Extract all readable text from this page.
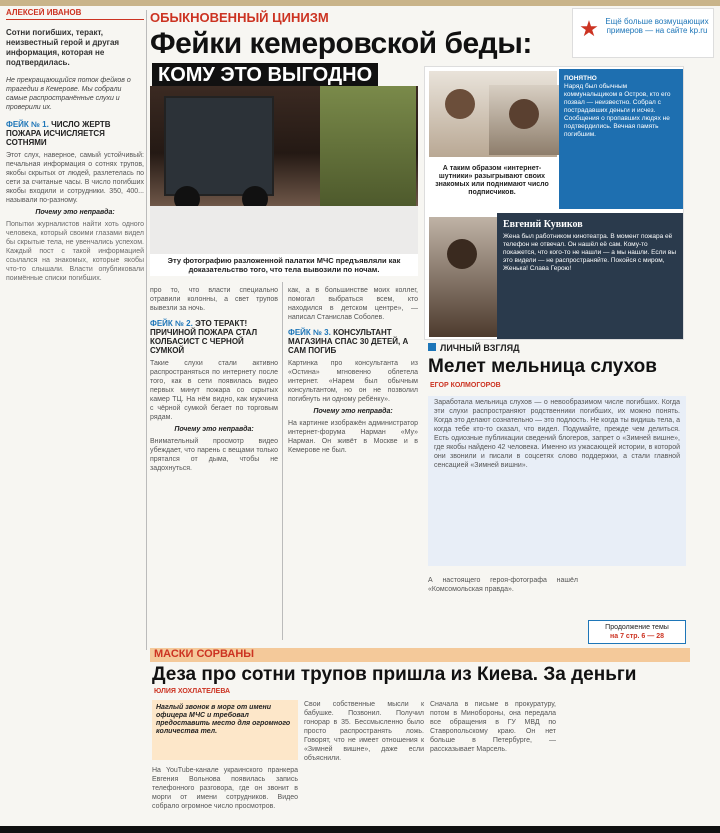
АЛЕКСЕЙ ИВАНОВ
Сотни погибших, теракт, неизвестный герой и другая информация, которая не подтвердилась.
Не прекращающийся поток фейков о трагедии в Кемерове. Мы собрали самые распространённые слухи и проверили их.
ФЕЙК № 1. ЧИСЛО ЖЕРТВ ПОЖАРА ИСЧИСЛЯЕТСЯ СОТНЯМИ
Этот слух, наверное, самый устойчивый: печальная информация о сотнях трупов, якобы скрытых от людей, разлетелась по сети за считаные часы. В число погибших якобы входили и сотрудники. 350, 400... называли по-разному.
Почему это неправда:
Попытки журналистов найти хоть одного человека, который своими глазами видел бы скрытые тела, не увенчались успехом. Каждый пост с такой информацией ссылался на знакомых, которые якобы что-то слышали. Власти опубликовали поимённые списки погибших.
ОБЫКНОВЕННЫЙ ЦИНИЗМ
Фейки кемеровской беды:
КОМУ ЭТО ВЫГОДНО
★ Ещё больше возмущающих примеров — на сайте kp.ru
Эту фотографию разложенной палатки МЧС предъявляли как доказательство того, что тела вывозили по ночам.
А таким образом «интернет-шутники» разыгрывают своих знакомых или поднимают число подписчиков.
ПОНЯТНО
Наряд был обычным коммунальщиком в Остров, кто его позвал — неизвестно. Собрал с пострадавших деньги и исчез. Сообщения о пропавших людях не подтвердились. Вечная память погибшим.
Евгений Кувиков
Жена был работником кинотеатра. В момент пожара её телефон не отвечал. Он нашёл её сам. Кому-то покажется, что кого-то не нашли — а мы нашли. Если вы это видели — не распространяйте. Покойся с миром, Женька! Слава Герою!
про то, что власти специально отравили колонны, а свет трупов вывезли за ночь.
ФЕЙК № 2. ЭТО ТЕРАКТ! ПРИЧИНОЙ ПОЖАРА СТАЛ КОЛБАСИСТ С ЧЕРНОЙ СУМКОЙ
Такие слухи стали активно распространяться по интернету после того, как в сети появилась видео первых минут пожара со скрытых камер ТЦ. На нём видно, как мужчина с чёрной сумкой бегает по торговым рядам.
Почему это неправда:
Внимательный просмотр видео убеждает, что парень с вещами только прятался от дыма, чтобы не задохнуться.
как, а в большинстве моих коллег, помогал выбраться всем, кто находился в детском центре», — написал Станислав Соболев.
ФЕЙК № 3. КОНСУЛЬТАНТ МАГАЗИНА СПАС 30 ДЕТЕЙ, А САМ ПОГИБ
Картинка про консультанта из «Остина» мгновенно облетела интернет. «Нарем был обычным консультантом, но он не позволил погибнуть ни одному ребёнку».
Почему это неправда:
На картинке изображён администратор интернет-форума Нарман «Му» Нарман. Он живёт в Москве и в Кемерове не был.
ЛИЧНЫЙ ВЗГЛЯД
Мелет мельница слухов
ЕГОР КОЛМОГОРОВ
Заработала мельница слухов — о невообразимом числе погибших. Когда эти слухи распространяют родственники погибших, их можно понять. Когда это делают сознательно — это подлость. Не когда ты видишь тела, а когда тебе кто-то сказал, что видел. Подумайте, прежде чем делиться. Есть одиозные публикации сведений блогеров, запрет о «Зимней вишне», где якобы найдено 42 человека. Именно из ужасающей истории, в которой они звонили и писали в соцсетях слово поддержки, а стали главной сенсацией «Зимней вишни».
А настоящего героя-фотографа нашёл «Комсомольская правда».
Продолжение темы
на 7 стр. 6 — 28
МАСКИ СОРВАНЫ
Деза про сотни трупов пришла из Киева. За деньги
ЮЛИЯ ХОХЛАТЕЛЕВА
Наглый звонок в морг от имени офицера МЧС и требовал предоставить место для огромного количества тел.
На YouTube-канале украинского пранкера Евгения Вольнова появилась запись телефонного разговора, где он звонит в морги от имени сотрудников. Видео собрало огромное число просмотров.
Свои собственные мысли к бабушке. Позвонил. Получил гонорар в 35. Бессмысленно было просто распространять ложь. Говорят, что не имеет отношения к «Зимней вишне», даже если объяснили.
Сначала в письме в прокуратуру, потом в Минобороны, она передала все обращения в ГУ МВД по Ставропольскому краю. Он нет больше в Петербурге, — рассказывает Марсель.
